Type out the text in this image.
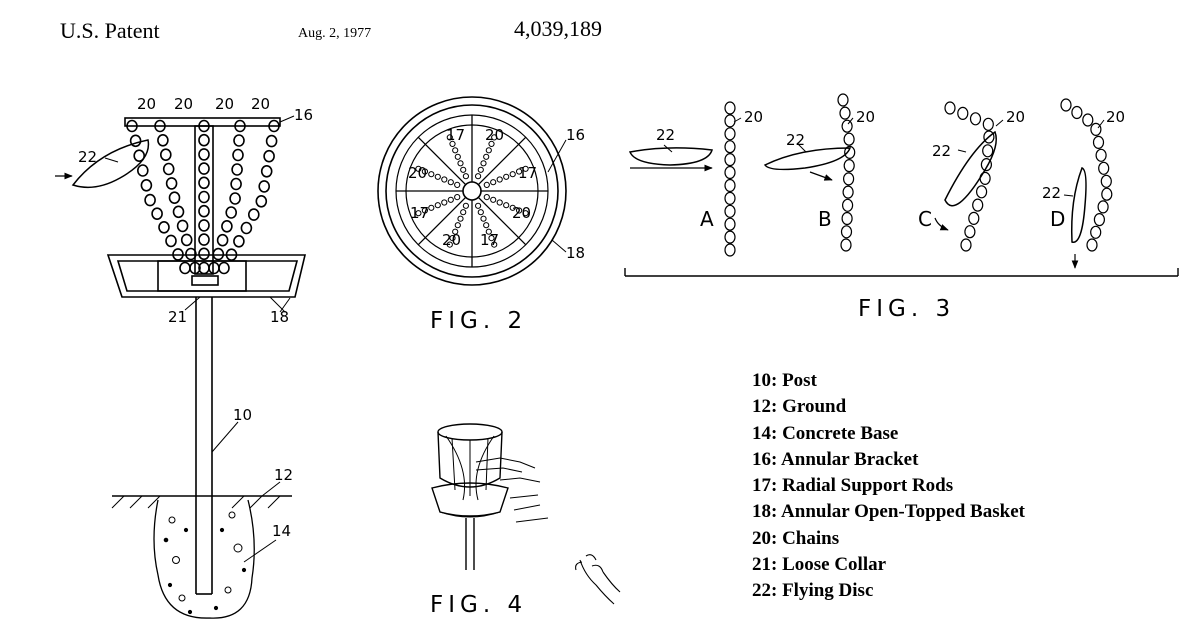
U.S. Patent	Aug. 2, 1977	4,039,189
20 20 20 20
16
22
21	18
10
12
14
17 20	16
20	17
17	20
20 17
18
FIG. 2
22
20
22
20
22
20
22
20
A	B	C	D
FIG. 3
FIG. 4
10: Post
12: Ground
14: Concrete Base
16: Annular Bracket
17: Radial Support Rods
18: Annular Open-Topped Basket
20: Chains
21: Loose Collar
22: Flying Disc
